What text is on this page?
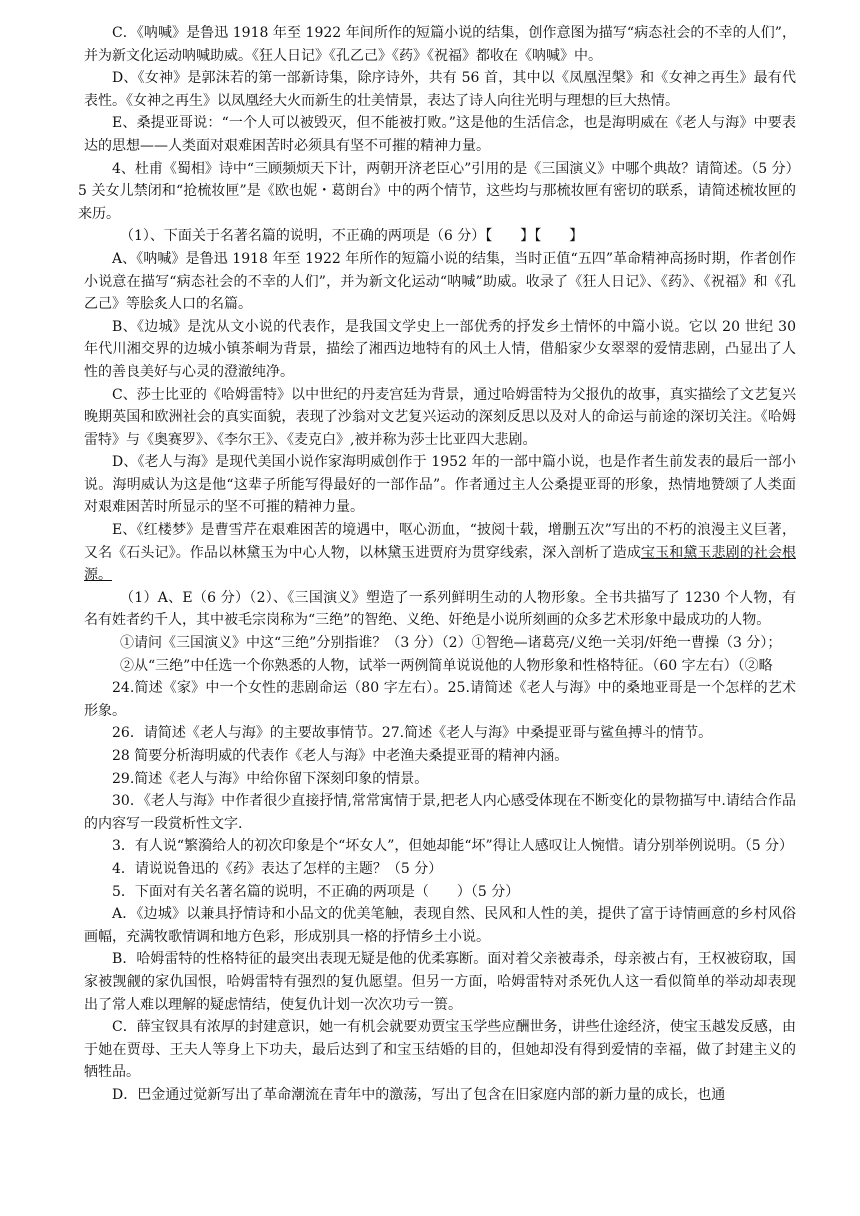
C．《呐喊》是鲁迅 1918 年至 1922 年间所作的短篇小说的结集，创作意图为描写“病态社会的不幸的人们”，并为新文化运动呐喊助威。《狂人日记》《孔乙己》《药》《祝福》都收在《呐喊》中。

D、《女神》是郭沫若的第一部新诗集，除序诗外，共有 56 首，其中以《凤凰涅槃》和《女神之再生》最有代表性。《女神之再生》以凤凰经大火而新生的壮美情景，表达了诗人向往光明与理想的巨大热情。

E、桑提亚哥说：“一个人可以被毁灭，但不能被打败。”这是他的生活信念，也是海明威在《老人与海》中要表达的思想——人类面对艰难困苦时必须具有坚不可摧的精神力量。

4、杜甫《蜀相》诗中“三顾频烦天下计，两朝开济老臣心”引用的是《三国演义》中哪个典故？请简述。（5 分）

5 关女儿禁闭和“抢梳妆匣”是《欧也妮・葛朗台》中的两个情节，这些均与那梳妆匣有密切的联系，请简述梳妆匣的来历。

（1）、下面关于名著名篇的说明，不正确的两项是（6 分）【　　】【　　】

A、《呐喊》是鲁迅 1918 年至 1922 年所作的短篇小说的结集，当时正值“五四”革命精神高扬时期，作者创作小说意在描写“病态社会的不幸的人们”，并为新文化运动“呐喊”助威。收录了《狂人日记》、《药》、《祝福》和《孔乙己》等脍炙人口的名篇。

B、《边城》是沈从文小说的代表作，是我国文学史上一部优秀的抒发乡土情怀的中篇小说。它以 20 世纪 30 年代川湘交界的边城小镇茶峒为背景，描绘了湘西边地特有的风土人情，借船家少女翠翠的爱情悲剧，凸显出了人性的善良美好与心灵的澄澈纯净。

C、莎士比亚的《哈姆雷特》以中世纪的丹麦宫廷为背景，通过哈姆雷特为父报仇的故事，真实描绘了文艺复兴晚期英国和欧洲社会的真实面貌，表现了沙翁对文艺复兴运动的深刻反思以及对人的命运与前途的深切关注。《哈姆雷特》与《奥赛罗》、《李尔王》、《麦克白》,被并称为莎士比亚四大悲剧。

D、《老人与海》是现代美国小说作家海明威创作于 1952 年的一部中篇小说，也是作者生前发表的最后一部小说。海明威认为这是他“这辈子所能写得最好的一部作品”。作者通过主人公桑提亚哥的形象，热情地赞颂了人类面对艰难困苦时所显示的坚不可摧的精神力量。

E、《红楼梦》是曹雪芹在艰难困苦的境遇中，呕心沥血，“披阅十载，增删五次”写出的不朽的浪漫主义巨著，又名《石头记》。作品以林黛玉为中心人物，以林黛玉进贾府为贯穿线索，深入剖析了造成宝玉和黛玉悲剧的社会根源。

（1）A、E（6 分）（2）、《三国演义》塑造了一系列鲜明生动的人物形象。全书共描写了 1230 个人物，有名有姓者约千人，其中被毛宗岗称为“三绝”的智绝、义绝、奸绝是小说所刻画的众多艺术形象中最成功的人物。

①请问《三国演义》中这“三绝”分别指谁？（3 分）（2）①智绝—诸葛亮/义绝一关羽/奸绝一曹操（3 分）；

②从“三绝”中任选一个你熟悉的人物，试举一两例简单说说他的人物形象和性格特征。（60 字左右）（②略

24.简述《家》中一个女性的悲剧命运（80 字左右）。25.请简述《老人与海》中的桑地亚哥是一个怎样的艺术形象。

26．请简述《老人与海》的主要故事情节。27.简述《老人与海》中桑提亚哥与鲨鱼搏斗的情节。

28 简要分析海明威的代表作《老人与海》中老渔夫桑提亚哥的精神内涵。

29.简述《老人与海》中给你留下深刻印象的情景。

30．《老人与海》中作者很少直接抒情,常常寓情于景,把老人内心感受体现在不断变化的景物描写中.请结合作品的内容写一段赏析性文字.

3．有人说“繁漪给人的初次印象是个“坏女人”，但她却能“坏”得让人感叹让人惋惜。请分别举例说明。（5 分）

4．请说说鲁迅的《药》表达了怎样的主题？（5 分）

5．下面对有关名著名篇的说明，不正确的两项是（　　）（5 分）

A．《边城》以兼具抒情诗和小品文的优美笔触，表现自然、民风和人性的美，提供了富于诗情画意的乡村风俗画幅，充满牧歌情调和地方色彩，形成别具一格的抒情乡土小说。

B．哈姆雷特的性格特征的最突出表现无疑是他的优柔寡断。面对着父亲被毒杀，母亲被占有，王权被窃取，国家被觊觎的家仇国恨，哈姆雷特有强烈的复仇愿望。但另一方面，哈姆雷特对杀死仇人这一看似简单的举动却表现出了常人难以理解的疑虑情结，使复仇计划一次次功亏一篑。

C．薛宝钗具有浓厚的封建意识，她一有机会就要劝贾宝玉学些应酬世务，讲些仕途经济，使宝玉越发反感，由于她在贾母、王夫人等身上下功夫，最后达到了和宝玉结婚的目的，但她却没有得到爱情的幸福，做了封建主义的牺牲品。

D．巴金通过觉新写出了革命潮流在青年中的激荡，写出了包含在旧家庭内部的新力量的成长，也通
